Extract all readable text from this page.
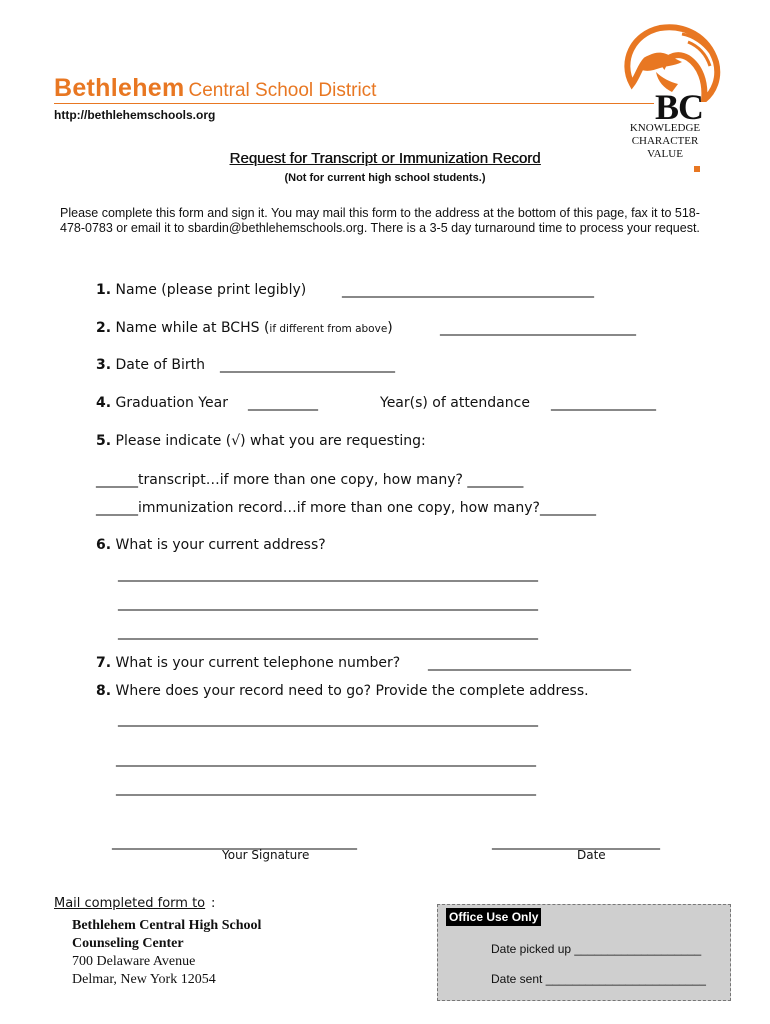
Bethlehem Central School District
http://bethlehemschools.org	BC
KNOWLEDGE
CHARACTER
VALUE
Request for Transcript or Immunization Record
(Not for current high school students.)
Please complete this form and sign it. You may mail this form to the address at the bottom of this page, fax it to 518-478-0783 or email it to sbardin@bethlehemschools.org. There is a 3-5 day turnaround time to process your request.
1. Name (please print legibly)	____________________________________
2. Name while at BCHS (if different from above)	____________________________
3. Date of Birth _________________________
4. Graduation Year __________	Year(s) of attendance _______________
5. Please indicate (√) what you are requesting:
______transcript…if more than one copy, how many? ________
______immunization record…if more than one copy, how many?________
6. What is your current address?
____________________________________________________________
____________________________________________________________
____________________________________________________________
7. What is your current telephone number? _____________________________
8. Where does your record need to go? Provide the complete address.
____________________________________________________________
____________________________________________________________
____________________________________________________________
___________________________________
Your Signature
________________________
Date
Mail completed form to :
Bethlehem Central High School
Counseling Center
700 Delaware Avenue
Delmar, New York 12054
Office Use Only
Date picked up ___________________
Date sent ________________________
